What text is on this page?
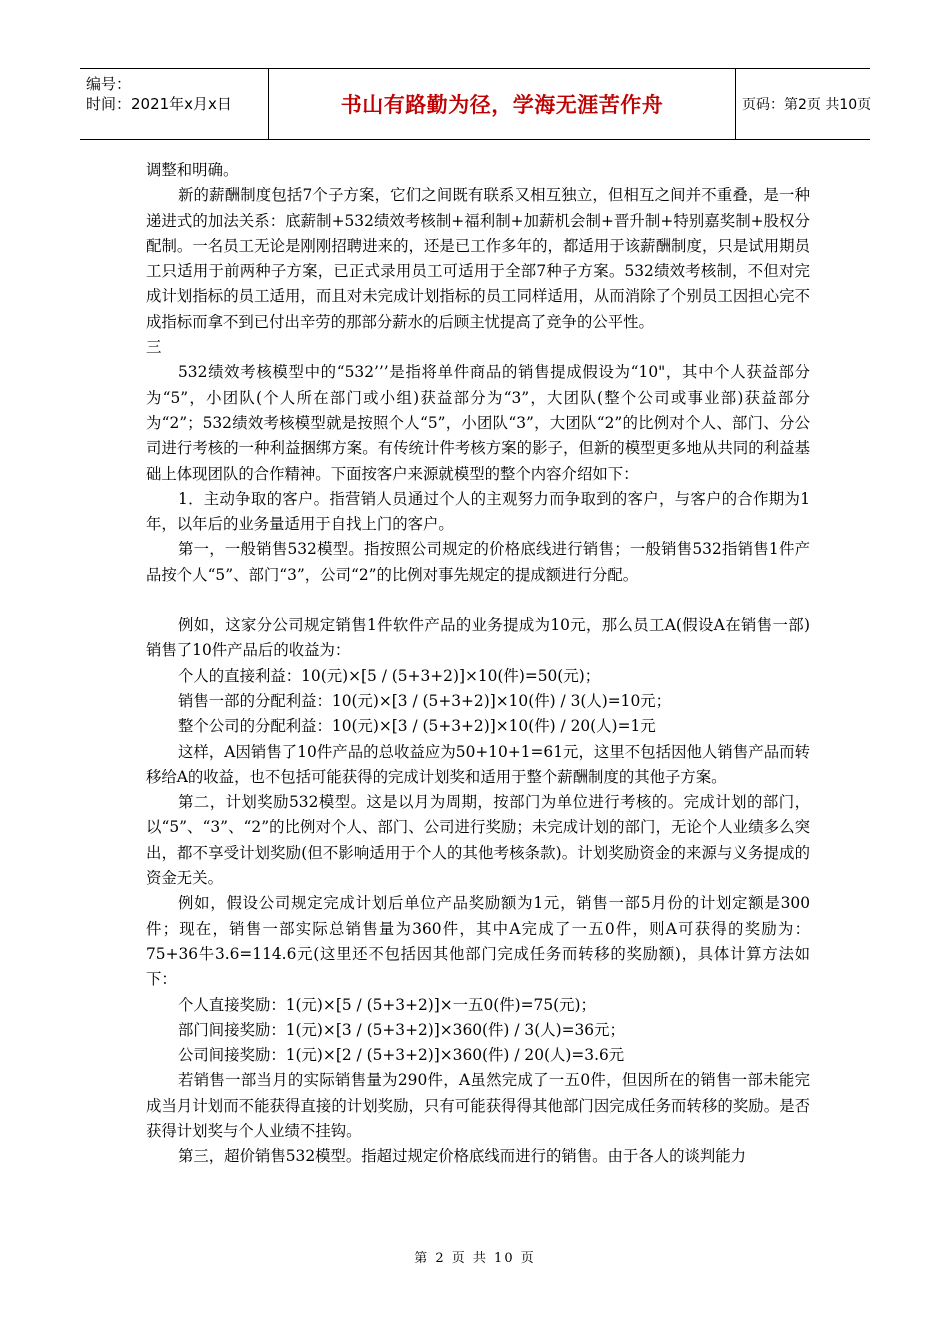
编号：
时间：2021年x月x日	书山有路勤为径，学海无涯苦作舟	页码：第2页 共10页

调整和明确。

新的薪酬制度包括7个子方案，它们之间既有联系又相互独立，但相互之间并不重叠，是一种递进式的加法关系：底薪制+532绩效考核制+福利制+加薪机会制+晋升制+特别嘉奖制+股权分配制。一名员工无论是刚刚招聘进来的，还是已工作多年的，都适用于该薪酬制度，只是试用期员工只适用于前两种子方案，已正式录用员工可适用于全部7种子方案。532绩效考核制，不但对完成计划指标的员工适用，而且对未完成计划指标的员工同样适用，从而消除了个别员工因担心完不成指标而拿不到已付出辛劳的那部分薪水的后顾主忧提高了竞争的公平性。

三

532绩效考核模型中的“532’’’是指将单件商品的销售提成假设为“10"，其中个人获益部分为“5”，小团队(个人所在部门或小组)获益部分为“3”，大团队(整个公司或事业部)获益部分为“2”；532绩效考核模型就是按照个人“5”，小团队“3”，大团队“2”的比例对个人、部门、分公司进行考核的一种利益捆绑方案。有传统计件考核方案的影子，但新的模型更多地从共同的利益基础上体现团队的合作精神。下面按客户来源就模型的整个内容介绍如下：

1．主动争取的客户。指营销人员通过个人的主观努力而争取到的客户，与客户的合作期为1年，以年后的业务量适用于自找上门的客户。

第一，一般销售532模型。指按照公司规定的价格底线进行销售；一般销售532指销售1件产品按个人“5”、部门“3”，公司“2”的比例对事先规定的提成额进行分配。

例如，这家分公司规定销售1件软件产品的业务提成为10元，那么员工A(假设A在销售一部)销售了10件产品后的收益为：

个人的直接利益：10(元)×[5 / (5+3+2)]×10(件)=50(元)；

销售一部的分配利益：10(元)×[3 / (5+3+2)]×10(件) / 3(人)=10元；

整个公司的分配利益：10(元)×[3 / (5+3+2)]×10(件) / 20(人)=1元

这样，A因销售了10件产品的总收益应为50+10+1=61元，这里不包括因他人销售产品而转移给A的收益，也不包括可能获得的完成计划奖和适用于整个薪酬制度的其他子方案。

第二，计划奖励532模型。这是以月为周期，按部门为单位进行考核的。完成计划的部门，以“5”、“3”、“2”的比例对个人、部门、公司进行奖励；未完成计划的部门，无论个人业绩多么突出，都不享受计划奖励(但不影响适用于个人的其他考核条款)。计划奖励资金的来源与义务提成的资金无关。

例如，假设公司规定完成计划后单位产品奖励额为1元，销售一部5月份的计划定额是300件；现在，销售一部实际总销售量为360件，其中A完成了一五0件，则A可获得的奖励为：75+36牛3.6=114.6元(这里还不包括因其他部门完成任务而转移的奖励额)，具体计算方法如下：

个人直接奖励：1(元)×[5 / (5+3+2)]×一五0(件)=75(元)；

部门间接奖励：1(元)×[3 / (5+3+2)]×360(件) / 3(人)=36元；

公司间接奖励：1(元)×[2 / (5+3+2)]×360(件) / 20(人)=3.6元

若销售一部当月的实际销售量为290件，A虽然完成了一五0件，但因所在的销售一部未能完成当月计划而不能获得直接的计划奖励，只有可能获得得其他部门因完成任务而转移的奖励。是否获得计划奖与个人业绩不挂钩。

第三，超价销售532模型。指超过规定价格底线而进行的销售。由于各人的谈判能力

第 2 页 共 10 页
